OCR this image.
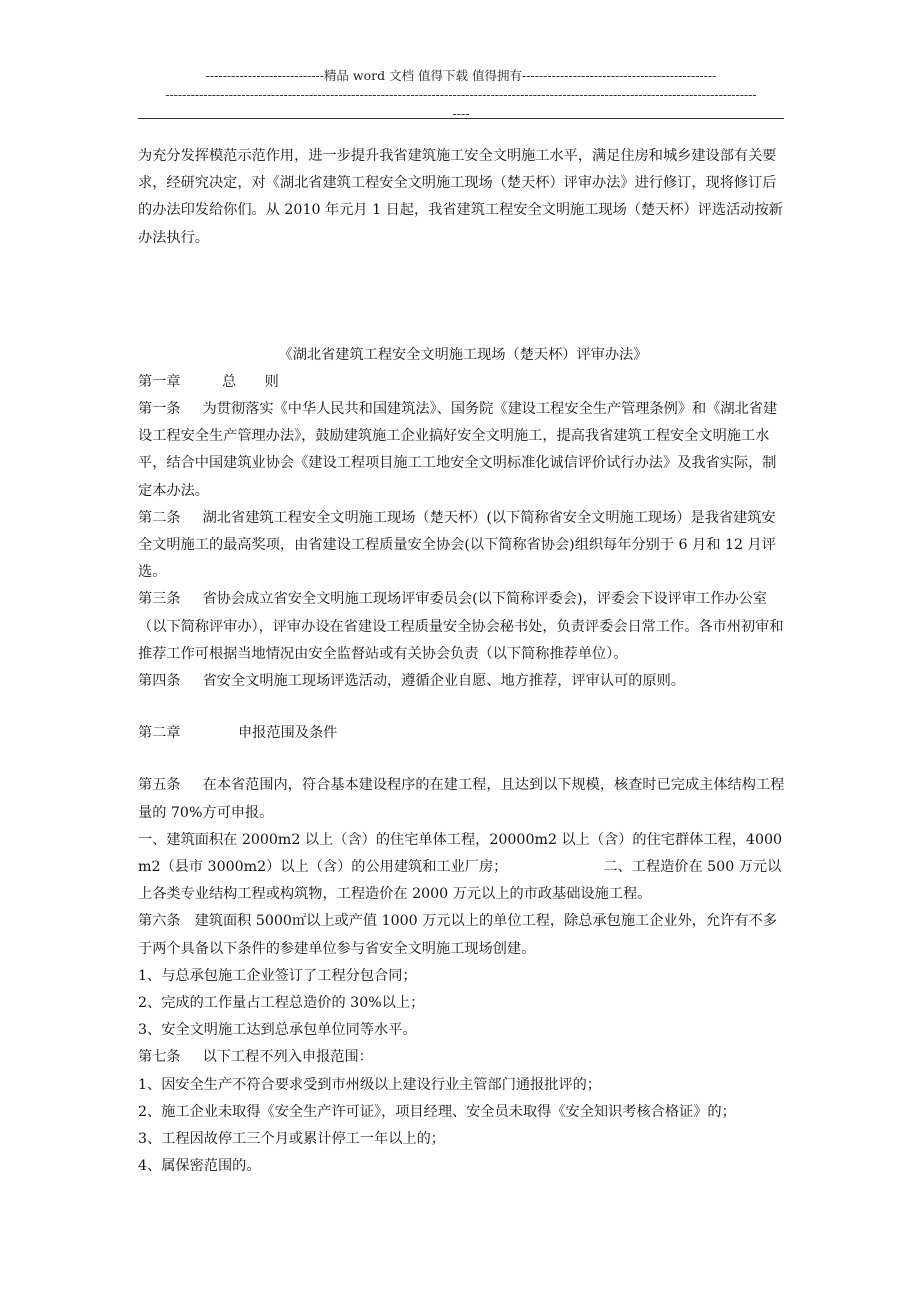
----------------------------精品 word 文档 值得下载 值得拥有----------------------------------------------
--------------------------------------------------------------------------------------------------------------------------------------------
----

为充分发挥模范示范作用，进一步提升我省建筑施工安全文明施工水平，满足住房和城乡建设部有关要求，经研究决定，对《湖北省建筑工程安全文明施工现场（楚天杯）评审办法》进行修订，现将修订后的办法印发给你们。从 2010 年元月 1 日起，我省建筑工程安全文明施工现场（楚天杯）评选活动按新办法执行。

《湖北省建筑工程安全文明施工现场（楚天杯）评审办法》

第一章	总　　则

第一条 为贯彻落实《中华人民共和国建筑法》、国务院《建设工程安全生产管理条例》和《湖北省建设工程安全生产管理办法》，鼓励建筑施工企业搞好安全文明施工，提高我省建筑工程安全文明施工水平，结合中国建筑业协会《建设工程项目施工工地安全文明标准化诚信评价试行办法》及我省实际，制定本办法。

第二条 湖北省建筑工程安全文明施工现场（楚天杯）(以下简称省安全文明施工现场）是我省建筑安全文明施工的最高奖项，由省建设工程质量安全协会(以下简称省协会)组织每年分别于 6 月和 12 月评选。

第三条 省协会成立省安全文明施工现场评审委员会(以下简称评委会)，评委会下设评审工作办公室（以下简称评审办），评审办设在省建设工程质量安全协会秘书处，负责评委会日常工作。各市州初审和推荐工作可根据当地情况由安全监督站或有关协会负责（以下简称推荐单位）。

第四条 省安全文明施工现场评选活动，遵循企业自愿、地方推荐，评审认可的原则。

第二章	申报范围及条件

第五条 在本省范围内，符合基本建设程序的在建工程，且达到以下规模，核查时已完成主体结构工程量的 70%方可申报。

一、建筑面积在 2000m2 以上（含）的住宅单体工程，20000m2 以上（含）的住宅群体工程，4000 m2（县市 3000m2）以上（含）的公用建筑和工业厂房；	二、工程造价在 500 万元以上各类专业结构工程或构筑物，工程造价在 2000 万元以上的市政基础设施工程。

第六条 建筑面积 5000㎡以上或产值 1000 万元以上的单位工程，除总承包施工企业外，允许有不多于两个具备以下条件的参建单位参与省安全文明施工现场创建。

1、与总承包施工企业签订了工程分包合同；

2、完成的工作量占工程总造价的 30%以上；

3、安全文明施工达到总承包单位同等水平。

第七条 以下工程不列入申报范围：

1、因安全生产不符合要求受到市州级以上建设行业主管部门通报批评的；

2、施工企业未取得《安全生产许可证》，项目经理、安全员未取得《安全知识考核合格证》的；

3、工程因故停工三个月或累计停工一年以上的；

4、属保密范围的。
